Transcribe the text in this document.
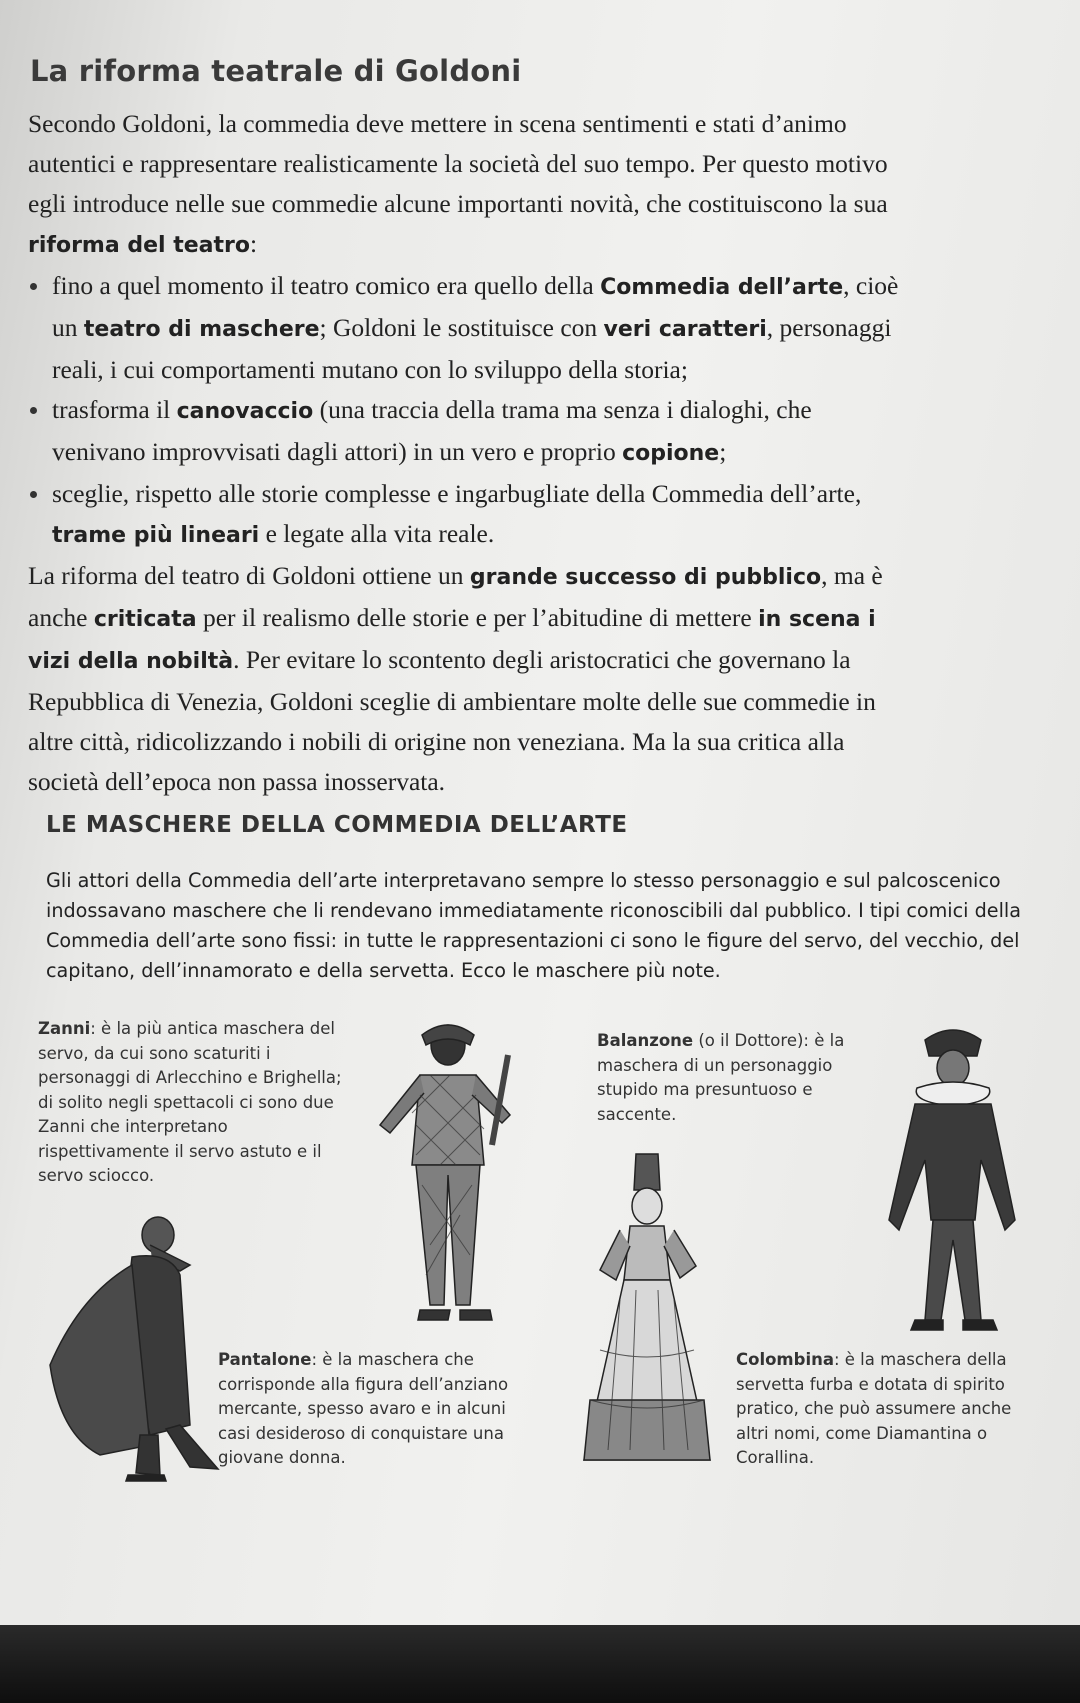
La riforma teatrale di Goldoni

Secondo Goldoni, la commedia deve mettere in scena sentimenti e stati d’animo autentici e rappresentare realisticamente la società del suo tempo. Per questo motivo egli introduce nelle sue commedie alcune importanti novità, che costituiscono la sua riforma del teatro:

fino a quel momento il teatro comico era quello della Commedia dell’arte, cioè un teatro di maschere; Goldoni le sostituisce con veri caratteri, personaggi reali, i cui comportamenti mutano con lo sviluppo della storia;
trasforma il canovaccio (una traccia della trama ma senza i dialoghi, che venivano improvvisati dagli attori) in un vero e proprio copione;
sceglie, rispetto alle storie complesse e ingarbugliate della Commedia dell’arte, trame più lineari e legate alla vita reale.

La riforma del teatro di Goldoni ottiene un grande successo di pubblico, ma è anche criticata per il realismo delle storie e per l’abitudine di mettere in scena i vizi della nobiltà. Per evitare lo scontento degli aristocratici che governano la Repubblica di Venezia, Goldoni sceglie di ambientare molte delle sue commedie in altre città, ridicolizzando i nobili di origine non veneziana. Ma la sua critica alla società dell’epoca non passa inosservata.

LE MASCHERE DELLA COMMEDIA DELL’ARTE

Gli attori della Commedia dell’arte interpretavano sempre lo stesso personaggio e sul palcoscenico indossavano maschere che li rendevano immediatamente riconoscibili dal pubblico. I tipi comici della Commedia dell’arte sono fissi: in tutte le rappresentazioni ci sono le figure del servo, del vecchio, del capitano, dell’innamorato e della servetta. Ecco le maschere più note.

Zanni: è la più antica maschera del servo, da cui sono scaturiti i personaggi di Arlecchino e Brighella; di solito negli spettacoli ci sono due Zanni che interpretano rispettivamente il servo astuto e il servo sciocco.

Balanzone (o il Dottore): è la maschera di un personaggio stupido ma presuntuoso e saccente.

Pantalone: è la maschera che corrisponde alla figura dell’anziano mercante, spesso avaro e in alcuni casi desideroso di conquistare una giovane donna.

Colombina: è la maschera della servetta furba e dotata di spirito pratico, che può assumere anche altri nomi, come Diamantina o Corallina.
